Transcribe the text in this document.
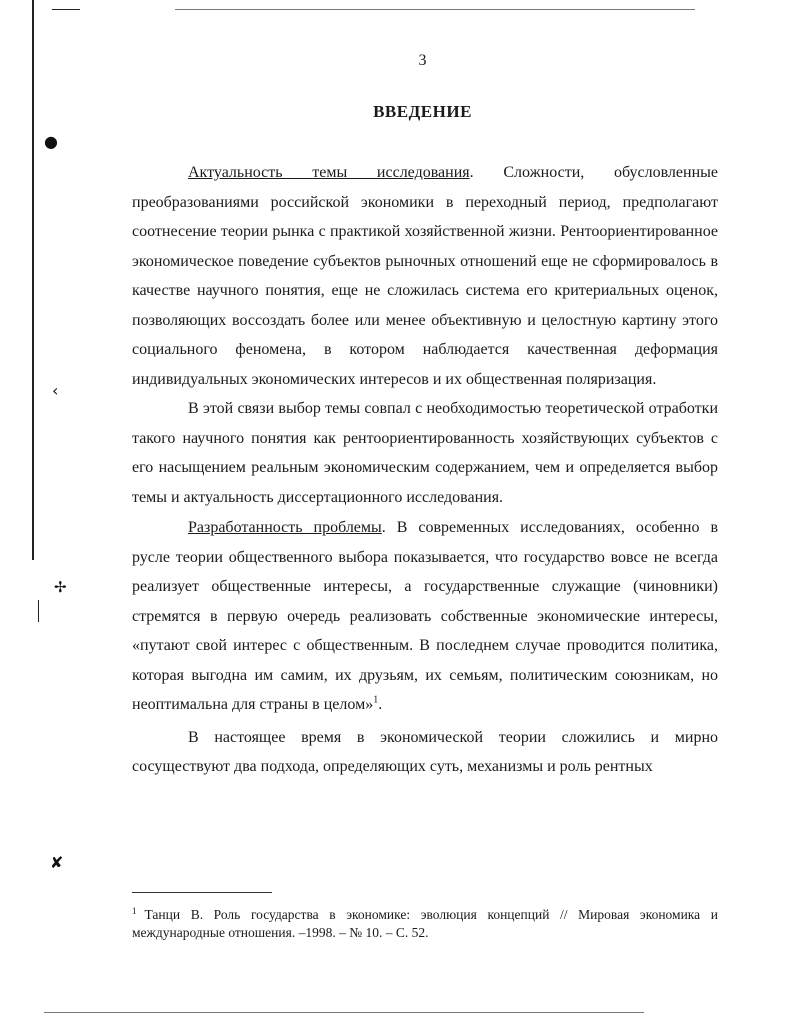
●
‹
✢
✘
3
ВВЕДЕНИЕ

Актуальность темы исследования. Сложности, обусловленные преобразованиями российской экономики в переходный период, предполагают соотнесение теории рынка с практикой хозяйственной жизни. Рентоориентированное экономическое поведение субъектов рыночных отношений еще не сформировалось в качестве научного понятия, еще не сложилась система его критериальных оценок, позволяющих воссоздать более или менее объективную и целостную картину этого социального феномена, в котором наблюдается качественная деформация индивидуальных экономических интересов и их общественная поляризация.

В этой связи выбор темы совпал с необходимостью теоретической отработки такого научного понятия как рентоориентированность хозяйствующих субъектов с его насыщением реальным экономическим содержанием, чем и определяется выбор темы и актуальность диссертационного исследования.

Разработанность проблемы. В современных исследованиях, особенно в русле теории общественного выбора показывается, что государство вовсе не всегда реализует общественные интересы, а государственные служащие (чиновники) стремятся в первую очередь реализовать собственные экономические интересы, «путают свой интерес с общественным. В последнем случае проводится политика, которая выгодна им самим, их друзьям, их семьям, политическим союзникам, но неоптимальна для страны в целом»$^1$.

В настоящее время в экономической теории сложились и мирно сосуществуют два подхода, определяющих суть, механизмы и роль рентных

$^1$ Танци В. Роль государства в экономике: эволюция концепций // Мировая экономика и международные отношения. –1998. – № 10. – С. 52.
